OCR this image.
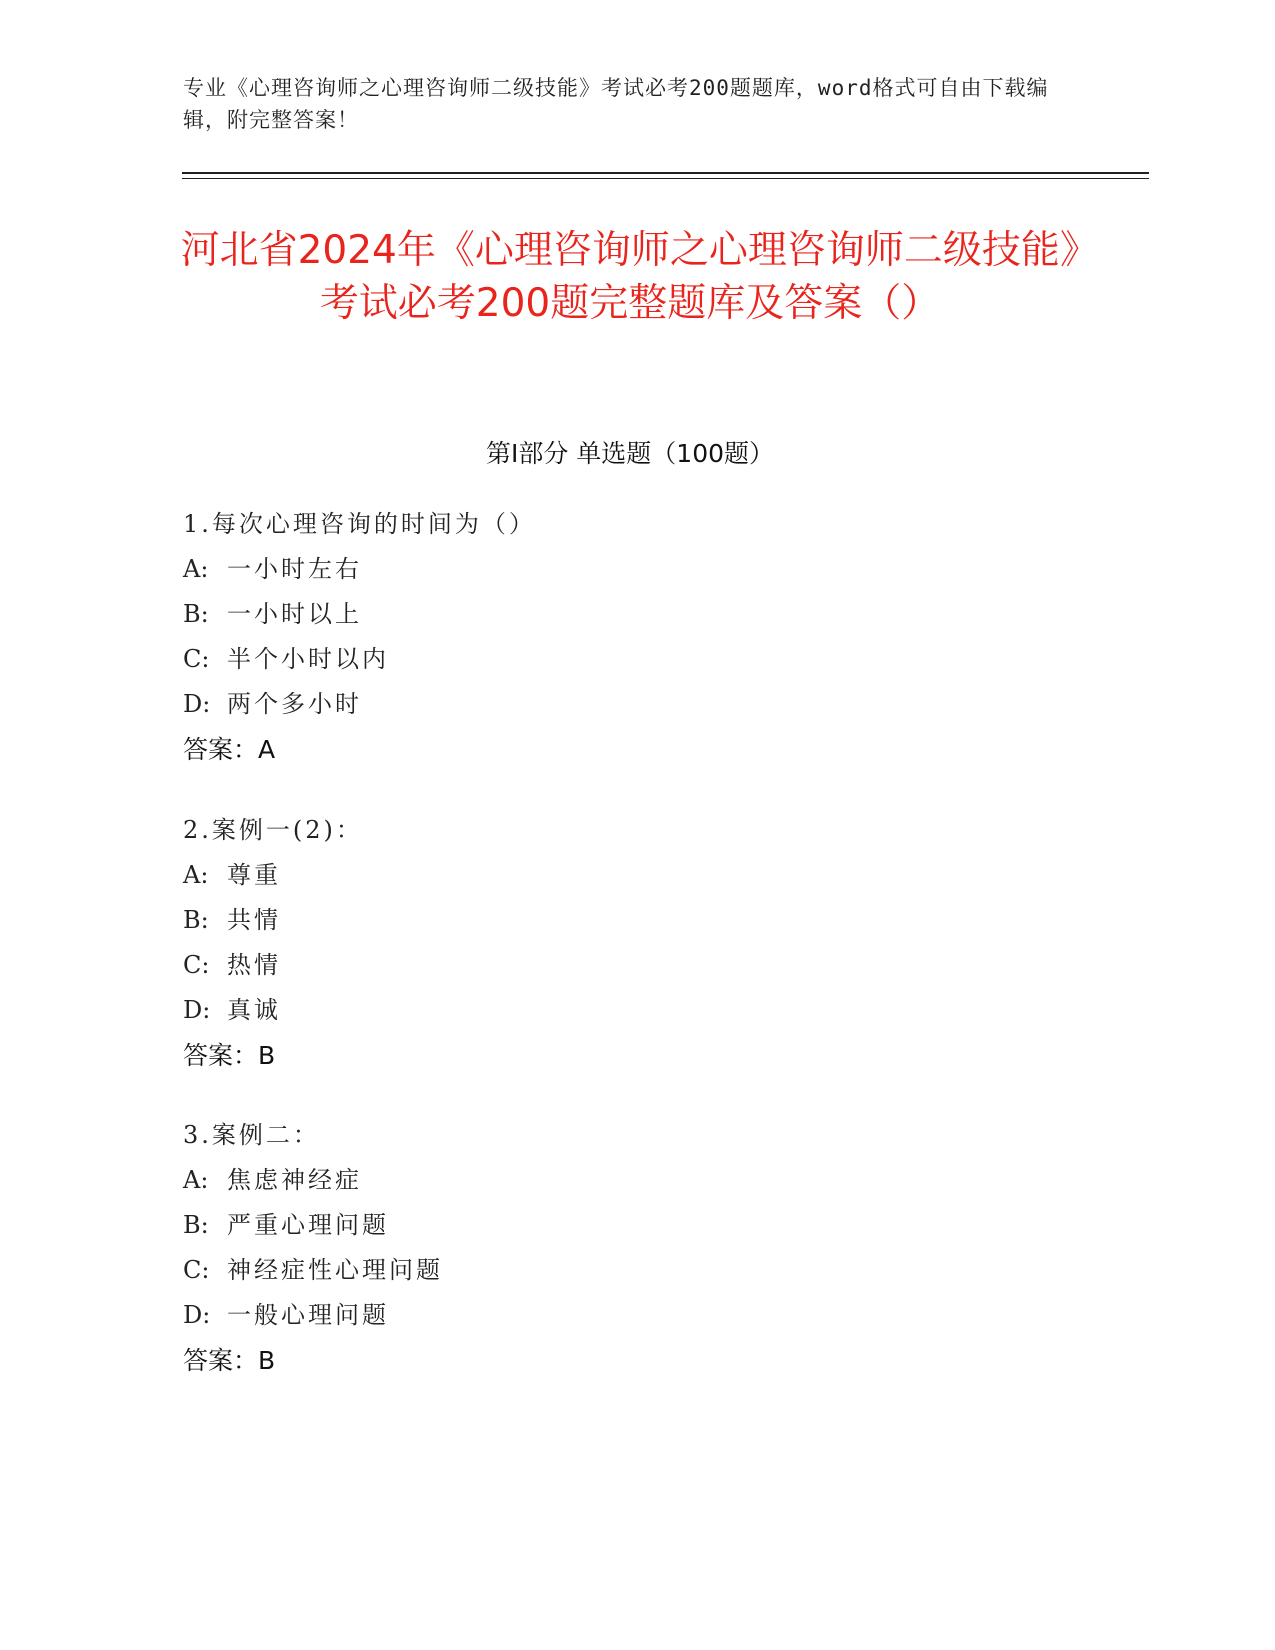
专业《心理咨询师之心理咨询师二级技能》考试必考200题题库，word格式可自由下载编辑，附完整答案！
河北省2024年《心理咨询师之心理咨询师二级技能》考试必考200题完整题库及答案（）
第I部分 单选题（100题）
1.每次心理咨询的时间为（）
A: 一小时左右
B: 一小时以上
C: 半个小时以内
D: 两个多小时
答案：A
2.案例一(2)：
A: 尊重
B: 共情
C: 热情
D: 真诚
答案：B
3.案例二：
A: 焦虑神经症
B: 严重心理问题
C: 神经症性心理问题
D: 一般心理问题
答案：B
